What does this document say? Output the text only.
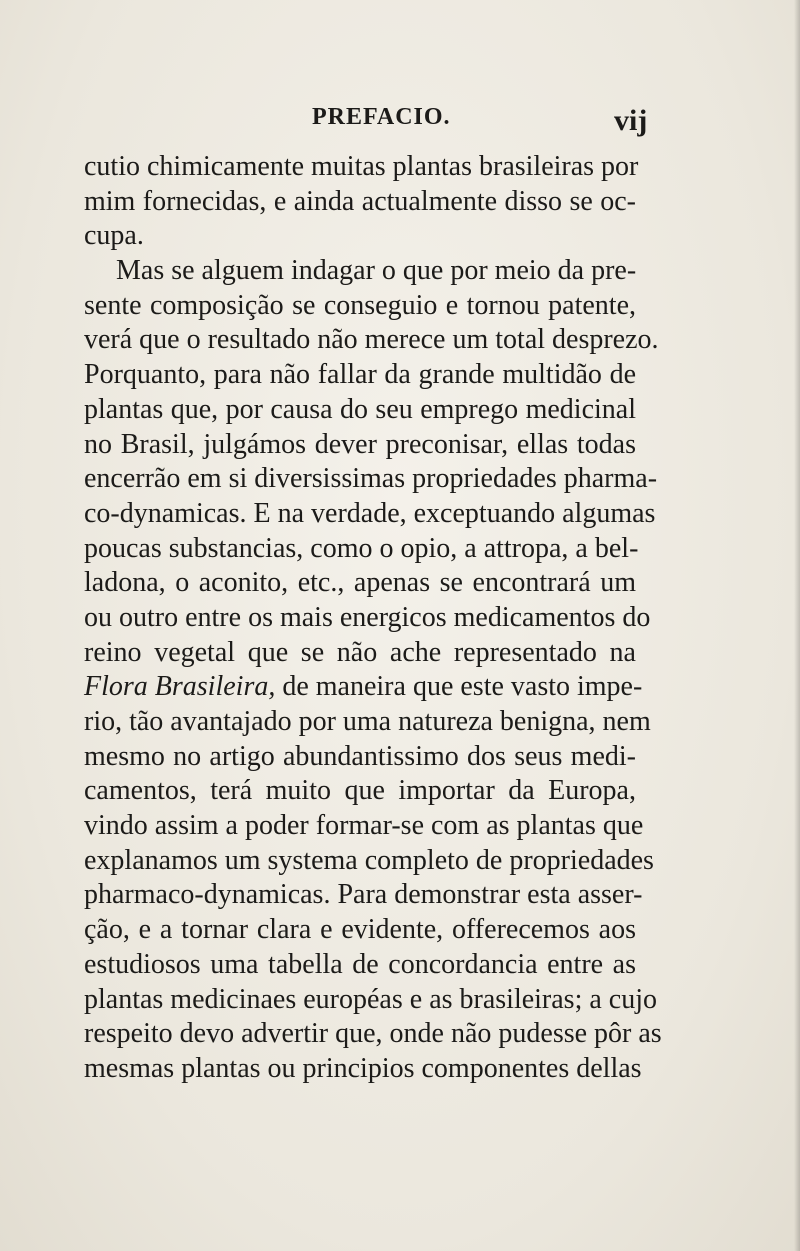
PREFACIO.	vij
cutio chimicamente muitas plantas brasileiras por
mim fornecidas, e ainda actualmente disso se oc-
cupa.
Mas se alguem indagar o que por meio da pre-
sente composição se conseguio e tornou patente,
verá que o resultado não merece um total desprezo.
Porquanto, para não fallar da grande multidão de
plantas que, por causa do seu emprego medicinal
no Brasil, julgámos dever preconisar, ellas todas
encerrão em si diversissimas propriedades pharma-
co-dynamicas. E na verdade, exceptuando algumas
poucas substancias, como o opio, a attropa, a bel-
ladona, o aconito, etc., apenas se encontrará um
ou outro entre os mais energicos medicamentos do
reino vegetal que se não ache representado na
Flora Brasileira, de maneira que este vasto impe-
rio, tão avantajado por uma natureza benigna, nem
mesmo no artigo abundantissimo dos seus medi-
camentos, terá muito que importar da Europa,
vindo assim a poder formar-se com as plantas que
explanamos um systema completo de propriedades
pharmaco-dynamicas. Para demonstrar esta asser-
ção, e a tornar clara e evidente, offerecemos aos
estudiosos uma tabella de concordancia entre as
plantas medicinaes européas e as brasileiras; a cujo
respeito devo advertir que, onde não pudesse pôr as
mesmas plantas ou principios componentes dellas
